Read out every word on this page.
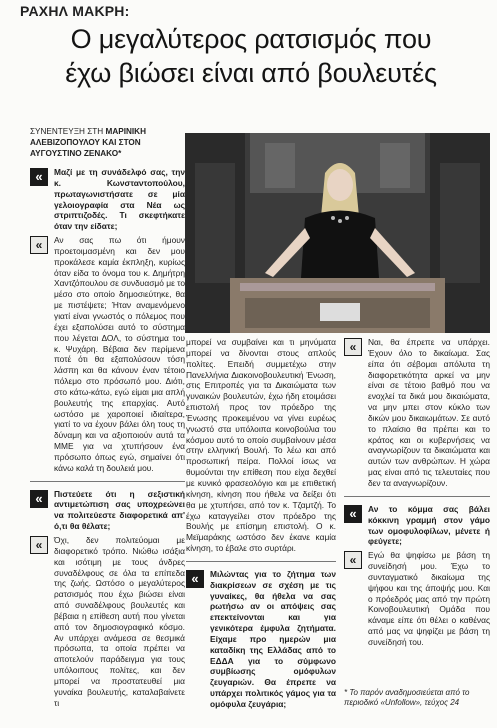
ΡΑΧΗΛ ΜΑΚΡΗ:
Ο μεγαλύτερος ρατσισμός που
έχω βιώσει είναι από βουλευτές
ΣΥΝΕΝΤΕΥΞΗ ΣΤΗ ΜΑΡΙΝΙΚΗ
ΑΛΕΒΙΖΟΠΟΥΛΟΥ ΚΑΙ ΣΤΟΝ
ΑΥΓΟΥΣΤΙΝΟ ΖΕΝΑΚΟ*
«	Μαζί με τη συνάδελφό σας, την κ. Κωνσταντοπούλου, πρωταγωνιστήσατε σε μία γελοιογραφία στα Νέα ως στριπτιζοδές. Τι σκεφτήκατε όταν την είδατε;
«	Αν σας πω ότι ήμουν προετοιμασμένη και δεν μου προκάλεσε καμία έκπληξη, κυρίως όταν είδα το όνομα του κ. Δημήτρη Χαντζόπουλου σε συνδυασμό με το μέσο στο οποίο δημοσιεύτηκε, θα με πιστέψετε; Ήταν αναμενόμενο γιατί είναι γνωστός ο πόλεμος που έχει εξαπολύσει αυτό το σύστημα που λέγεται ΔΟΛ, το σύστημα του κ. Ψυχάρη. Βέβαια δεν περίμενα ποτέ ότι θα εξαπολύσουν τόση λάσπη και θα κάνουν έναν τέτοιο πόλεμο στο πρόσωπό μου. Διότι, στο κάτω-κάτω, εγώ είμαι μια απλή βουλευτής της επαρχίας. Αυτό ωστόσο με χαροποιεί ιδιαίτερα, γιατί το να έχουν βάλει όλη τους τη δύναμη και να αξιοποιούν αυτά τα ΜΜΕ για να χτυπήσουν ένα πρόσωπο όπως εγώ, σημαίνει ότι κάνω καλά τη δουλειά μου.
«	Πιστεύετε ότι η σεξιστική αντιμετώπιση σας υποχρεώνει να πολιτεύεστε διαφορετικά απ' ό,τι θα θέλατε;
«	Όχι, δεν πολιτεύομαι με διαφορετικό τρόπο. Νιώθω ισάξια και ισότιμη με τους άνδρες συναδέλφους σε όλα τα επίπεδα της ζωής. Ωστόσο ο μεγαλύτερος ρατσισμός που έχω βιώσει είναι από συναδέλφους βουλευτές και βέβαια η επίθεση αυτή που γίνεται από τον δημοσιογραφικό κόσμο. Αν υπάρχει ανάμεσα σε θεσμικά πρόσωπα, τα οποία πρέπει να αποτελούν παράδειγμα για τους υπόλοιπους πολίτες, και δεν μπορεί να προστατευθεί μια γυναίκα βουλευτής, καταλαβαίνετε τι

μπορεί να συμβαίνει και τι μηνύματα μπορεί να δίνονται στους απλούς πολίτες. Επειδή συμμετέχω στην Πανελλήνια Διακοινοβουλευτική Ένωση, στις Επιτροπές για τα Δικαιώματα των γυναικών βουλευτών, έχω ήδη ετοιμάσει επιστολή προς τον πρόεδρο της Ένωσης προκειμένου να γίνει ευρέως γνωστό στα υπόλοιπα κοινοβούλια του κόσμου αυτό το οποίο συμβαίνουν μέσα στην ελληνική Βουλή. Το λέω και από προσωπική πείρα. Πολλοί ίσως να θυμούνται την επίθεση που είχα δεχθεί με κυνικό φρασεολόγιο και με επιθετική κίνηση, κίνηση που ήθελε να δείξει ότι θα με χτυπήσει, από τον κ. Τζαμτζή. Το έχω καταγγείλει στον πρόεδρο της Βουλής με επίσημη επιστολή. Ο κ. Μεϊμαράκης ωστόσο δεν έκανε καμία κίνηση, το έβαλε στο συρτάρι.

«	Μιλώντας για το ζήτημα των διακρίσεων σε σχέση με τις γυναίκες, θα ήθελα να σας ρωτήσω αν οι απόψεις σας επεκτείνονται και για γενικότερα έμφυλα ζητήματα. Είχαμε προ ημερών μια καταδίκη της Ελλάδας από το ΕΔΔΑ για το σύμφωνο συμβίωσης ομόφυλων ζευγαριών. Θα έπρεπε να υπάρχει πολιτικός γάμος για τα ομόφυλα ζευγάρια;
«	Ναι, θα έπρεπε να υπάρχει. Έχουν όλο το δικαίωμα. Σας είπα ότι σέβομαι απόλυτα τη διαφορετικότητα αρκεί να μην είναι σε τέτοιο βαθμό που να ενοχλεί τα δικά μου δικαιώματα, να μην μπει στον κύκλο των δικών μου δικαιωμάτων. Σε αυτό το πλαίσιο θα πρέπει και το κράτος και οι κυβερνήσεις να αναγνωρίζουν τα δικαιώματα και αυτών των ανθρώπων. Η χώρα μας είναι από τις τελευταίες που δεν τα αναγνωρίζουν.
«	Αν το κόμμα σας βάλει κόκκινη γραμμή στον γάμο των ομοφυλοφίλων, μένετε ή φεύγετε;
«	Εγώ θα ψηφίσω με βάση τη συνείδησή μου. Έχω το συνταγματικό δικαίωμα της ψήφου και της άποψής μου. Και ο πρόεδρός μας από την πρώτη Κοινοβουλευτική Ομάδα που κάναμε είπε ότι θέλει ο καθένας από μας να ψηφίζει με βάση τη συνείδησή του.
* Το παρόν αναδημοσιεύεται από το περιοδικό «Unfollow», τεύχος 24
